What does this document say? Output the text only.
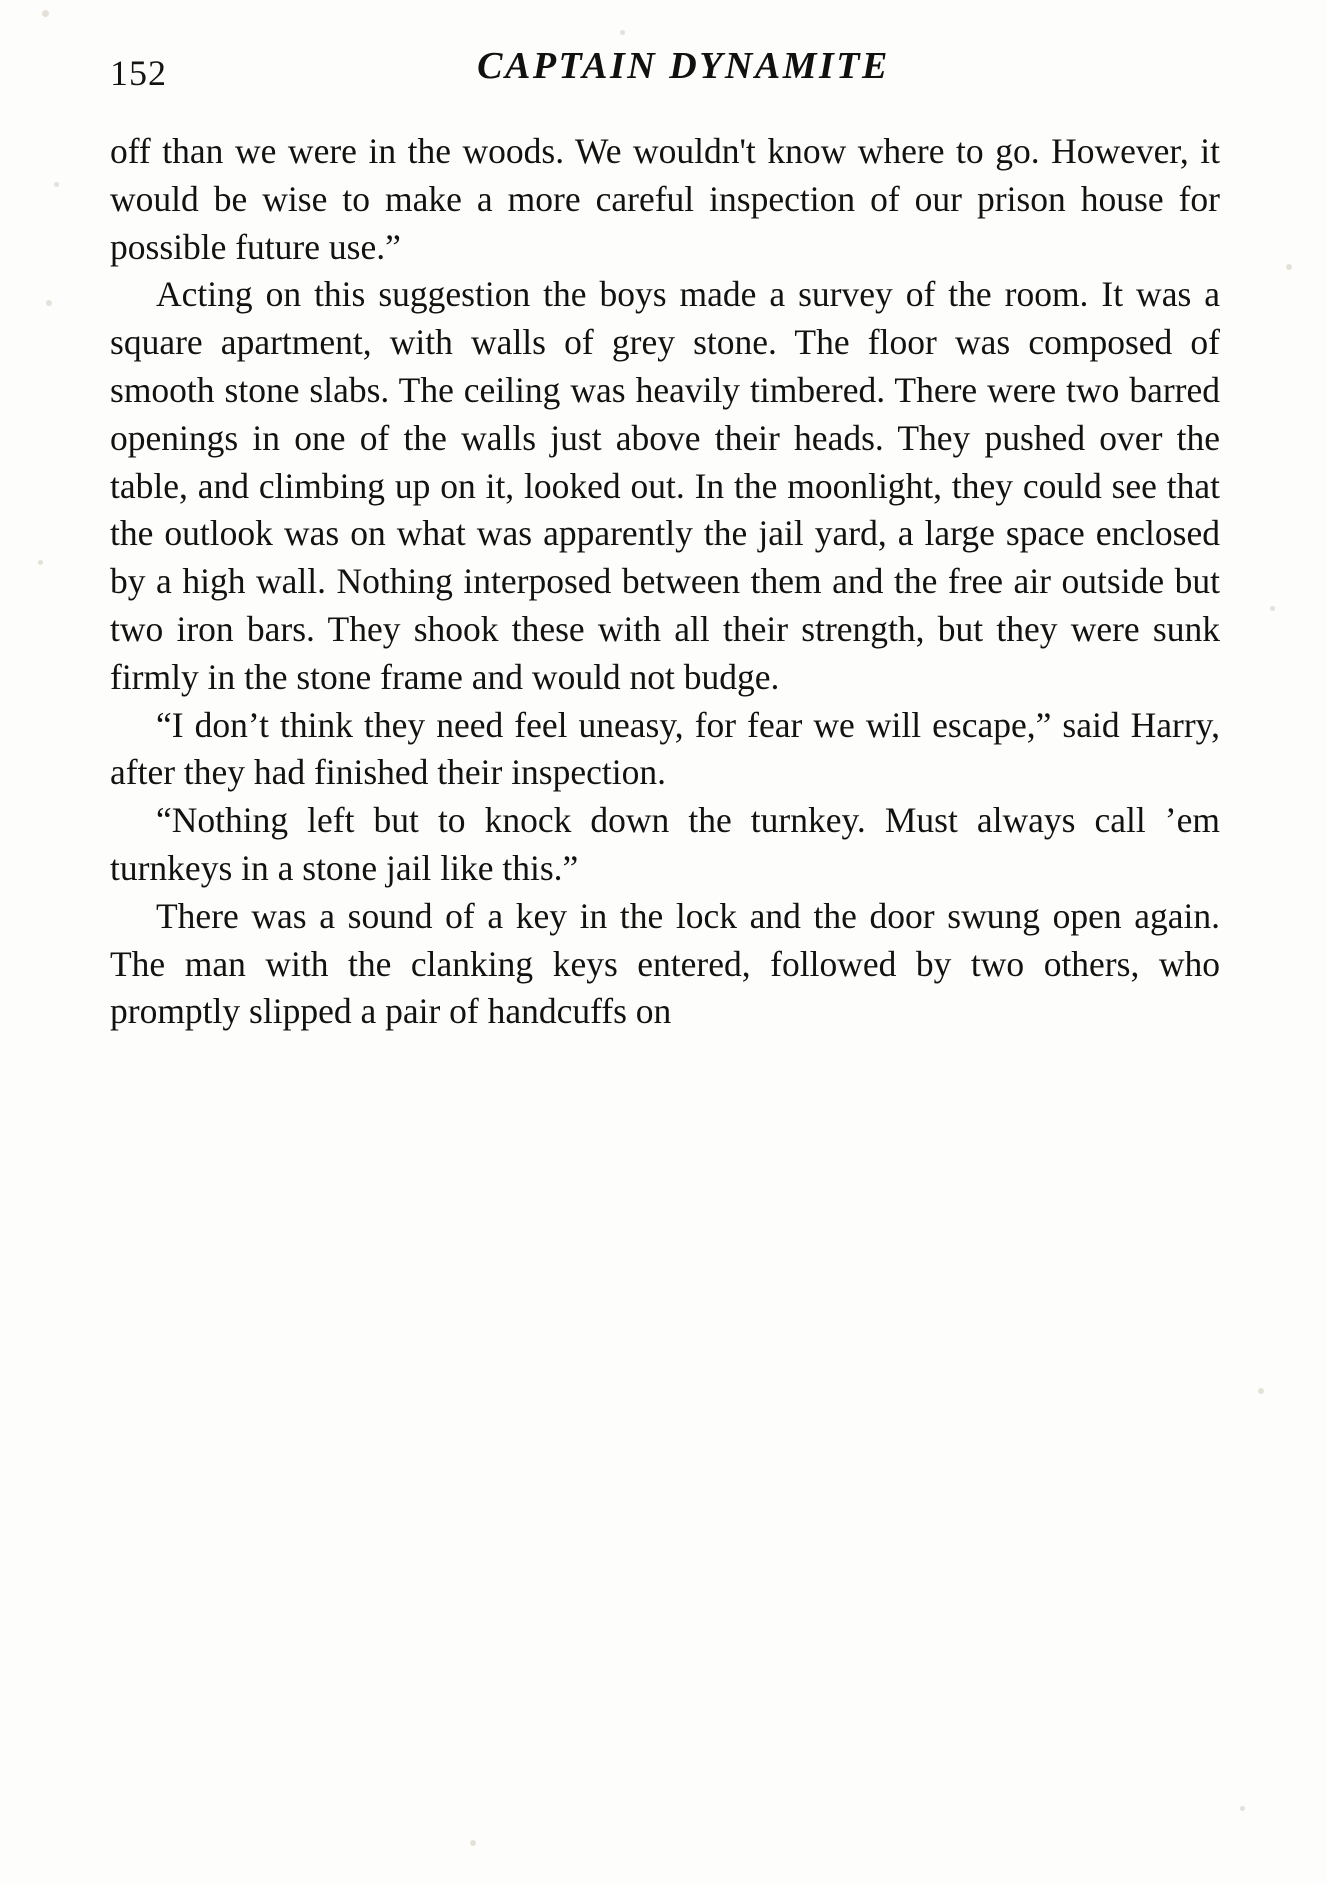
152	CAPTAIN DYNAMITE

off than we were in the woods. We wouldn't know where to go. However, it would be wise to make a more careful inspection of our prison house for possible future use.”

Acting on this suggestion the boys made a survey of the room. It was a square apartment, with walls of grey stone. The floor was composed of smooth stone slabs. The ceiling was heavily timbered. There were two barred openings in one of the walls just above their heads. They pushed over the table, and climbing up on it, looked out. In the moonlight, they could see that the outlook was on what was apparently the jail yard, a large space enclosed by a high wall. Nothing interposed between them and the free air outside but two iron bars. They shook these with all their strength, but they were sunk firmly in the stone frame and would not budge.

“I don’t think they need feel uneasy, for fear we will escape,” said Harry, after they had finished their inspection.

“Nothing left but to knock down the turnkey. Must always call ’em turnkeys in a stone jail like this.”

There was a sound of a key in the lock and the door swung open again. The man with the clanking keys entered, followed by two others, who promptly slipped a pair of handcuffs on
